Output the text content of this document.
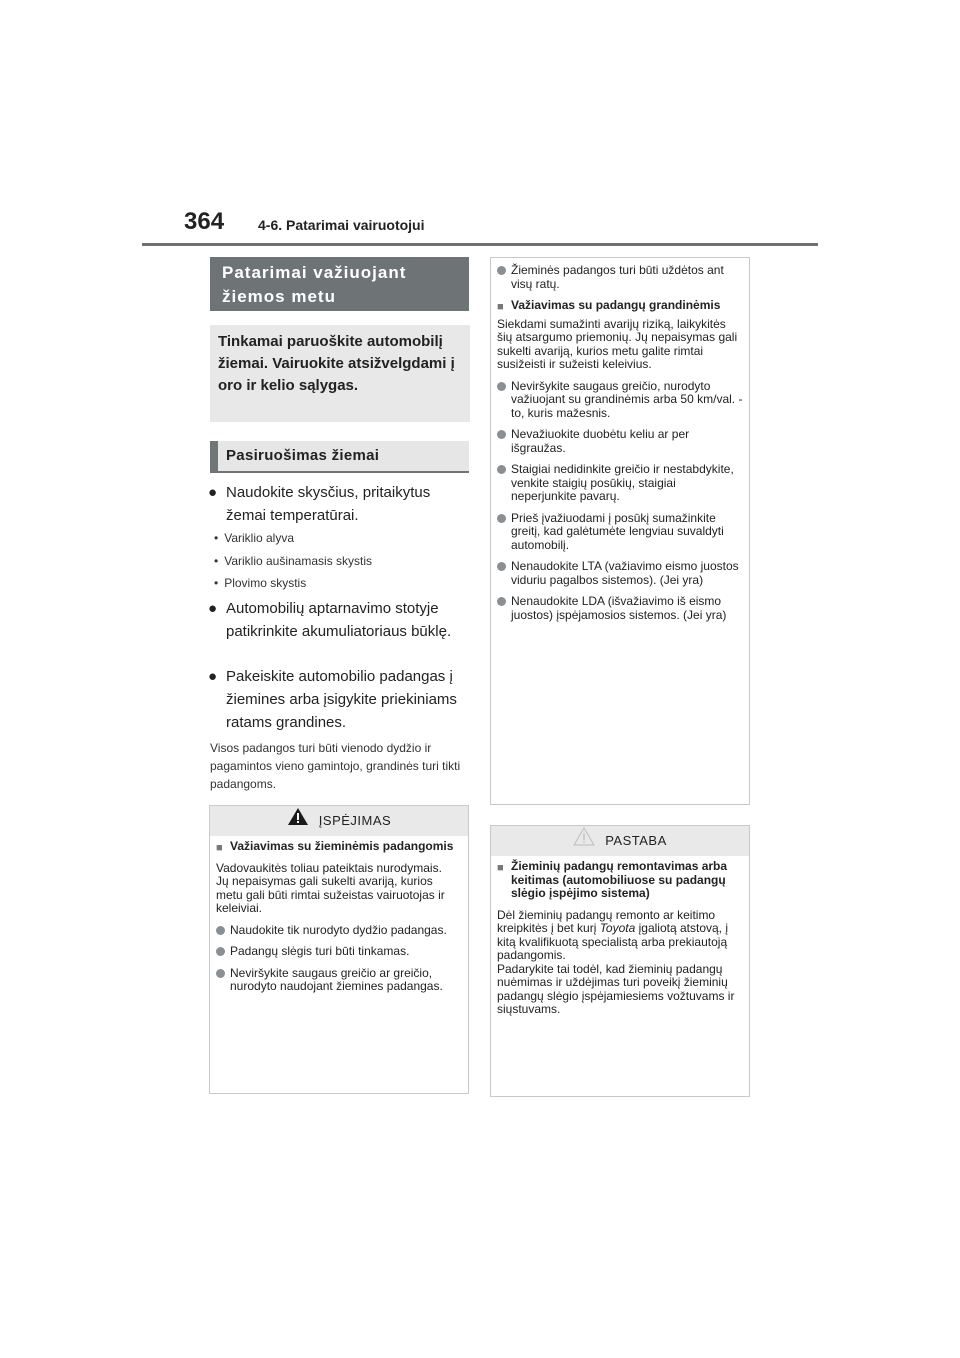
364 4-6. Patarimai vairuotojui
Patarimai važiuojant žiemos metu
Tinkamai paruoškite automobilį žiemai. Vairuokite atsižvelgdami į oro ir kelio sąlygas.
Pasiruošimas žiemai
● Naudokite skysčius, pritaikytus žemai temperatūrai.
• Variklio alyva
• Variklio aušinamasis skystis
• Plovimo skystis
● Automobilių aptarnavimo stotyje patikrinkite akumuliatoriaus būklę.
● Pakeiskite automobilio padangas į žiemines arba įsigykite priekiniams ratams grandines.
Visos padangos turi būti vienodo dydžio ir pagamintos vieno gamintojo, grandinės turi tikti padangoms.
ĮSPĖJIMAS
■ Važiavimas su žieminėmis padangomis
Vadovaukitės toliau pateiktais nurodymais.
Jų nepaisymas gali sukelti avariją, kurios metu gali būti rimtai sužeistas vairuotojas ir keleiviai.
Naudokite tik nurodyto dydžio padangas.
Padangų slėgis turi būti tinkamas.
Neviršykite saugaus greičio ar greičio, nurodyto naudojant žiemines padangas.
Žieminės padangos turi būti uždėtos ant visų ratų.
■ Važiavimas su padangų grandinėmis
Siekdami sumažinti avarijų riziką, laikykitės šių atsargumo priemonių. Jų nepaisymas gali sukelti avariją, kurios metu galite rimtai susižeisti ir sužeisti keleivius.
Neviršykite saugaus greičio, nurodyto važiuojant su grandinėmis arba 50 km/val. - to, kuris mažesnis.
Nevažiuokite duobėtu keliu ar per išgraužas.
Staigiai nedidinkite greičio ir nestabdykite, venkite staigių posūkių, staigiai neperjunkite pavarų.
Prieš įvažiuodami į posūkį sumažinkite greitį, kad galėtumėte lengviau suvaldyti automobilį.
Nenaudokite LTA (važiavimo eismo juostos viduriu pagalbos sistemos). (Jei yra)
Nenaudokite LDA (išvažiavimo iš eismo juostos) įspėjamosios sistemos. (Jei yra)
PASTABA
■ Žieminių padangų remontavimas arba keitimas (automobiliuose su padangų slėgio įspėjimo sistema)
Dėl žieminių padangų remonto ar keitimo kreipkitės į bet kurį Toyota įgaliotą atstovą, į kitą kvalifikuotą specialistą arba prekiautoją padangomis.
Padarykite tai todėl, kad žieminių padangų nuėmimas ir uždėjimas turi poveikį žieminių padangų slėgio įspėjamiesiems vožtuvams ir siųstuvams.
